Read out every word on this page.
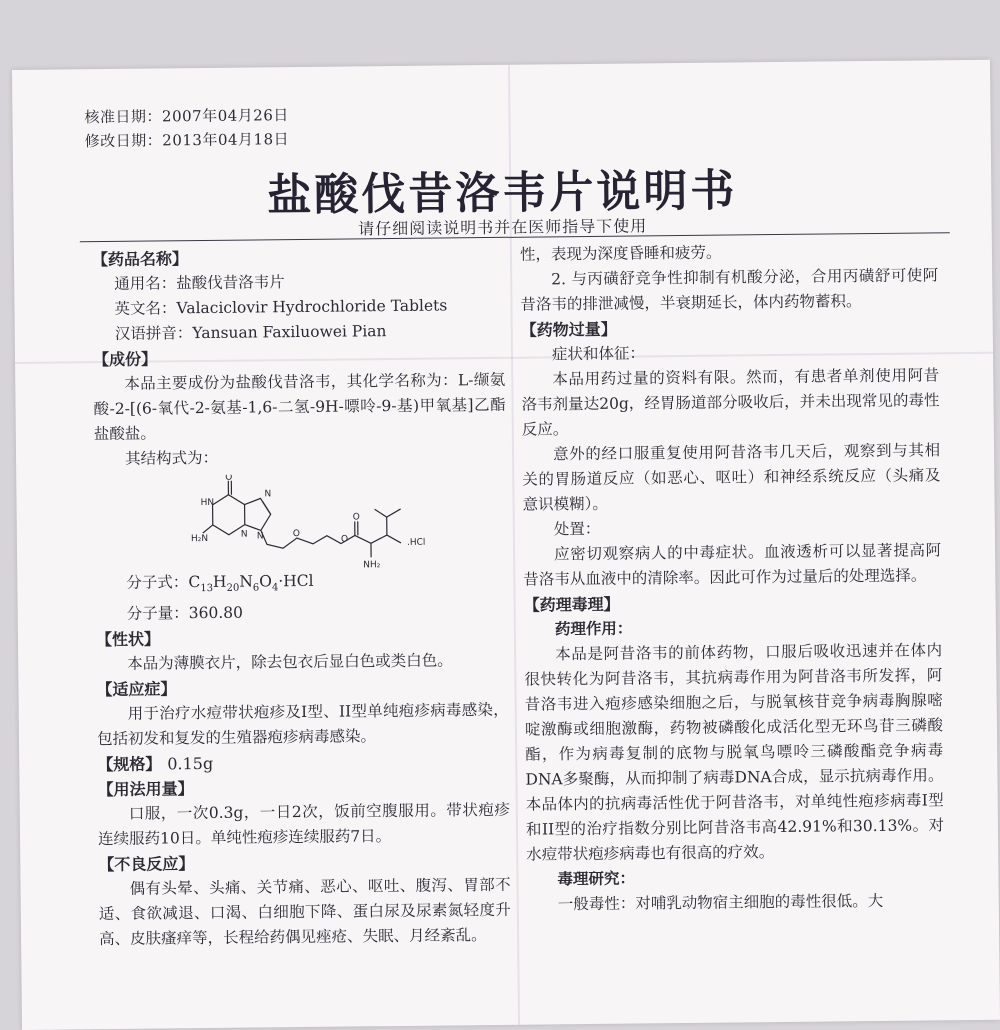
核准日期：2007年04月26日
修改日期：2013年04月18日
盐酸伐昔洛韦片说明书
请仔细阅读说明书并在医师指导下使用

【药品名称】

通用名：盐酸伐昔洛韦片

英文名：Valaciclovir Hydrochloride Tablets

汉语拼音：Yansuan Faxiluowei Pian

【成份】

本品主要成份为盐酸伐昔洛韦，其化学名称为：L-缬氨酸-2-[(6-氧代-2-氨基-1,6-二氢-9H-嘌呤-9-基)甲氧基]乙酯盐酸盐。

其结构式为：

O
HN
N
N N
H₂N	O
O
O
NH₂
.HCl

分子式：$C_{13}H_{20}N_6O_4\cdot HCl$

分子量：360.80

【性状】

本品为薄膜衣片，除去包衣后显白色或类白色。

【适应症】

用于治疗水痘带状疱疹及I型、II型单纯疱疹病毒感染，包括初发和复发的生殖器疱疹病毒感染。

【规格】 0.15g

【用法用量】

口服，一次0.3g，一日2次，饭前空腹服用。带状疱疹连续服药10日。单纯性疱疹连续服药7日。

【不良反应】

偶有头晕、头痛、关节痛、恶心、呕吐、腹泻、胃部不适、食欲减退、口渴、白细胞下降、蛋白尿及尿素氮轻度升高、皮肤瘙痒等，长程给药偶见痤疮、失眠、月经紊乱。

性，表现为深度昏睡和疲劳。

2. 与丙磺舒竞争性抑制有机酸分泌，合用丙磺舒可使阿昔洛韦的排泄减慢，半衰期延长，体内药物蓄积。

【药物过量】

症状和体征：

本品用药过量的资料有限。然而，有患者单剂使用阿昔洛韦剂量达20g，经胃肠道部分吸收后，并未出现常见的毒性反应。

意外的经口服重复使用阿昔洛韦几天后，观察到与其相关的胃肠道反应（如恶心、呕吐）和神经系统反应（头痛及意识模糊）。

处置：

应密切观察病人的中毒症状。血液透析可以显著提高阿昔洛韦从血液中的清除率。因此可作为过量后的处理选择。

【药理毒理】

药理作用：

本品是阿昔洛韦的前体药物，口服后吸收迅速并在体内很快转化为阿昔洛韦，其抗病毒作用为阿昔洛韦所发挥，阿昔洛韦进入疱疹感染细胞之后，与脱氧核苷竞争病毒胸腺嘧啶激酶或细胞激酶，药物被磷酸化成活化型无环鸟苷三磷酸酯，作为病毒复制的底物与脱氧鸟嘌呤三磷酸酯竞争病毒DNA多聚酶，从而抑制了病毒DNA合成，显示抗病毒作用。本品体内的抗病毒活性优于阿昔洛韦，对单纯性疱疹病毒I型和II型的治疗指数分别比阿昔洛韦高42.91%和30.13%。对水痘带状疱疹病毒也有很高的疗效。

毒理研究：

一般毒性：对哺乳动物宿主细胞的毒性很低。大
